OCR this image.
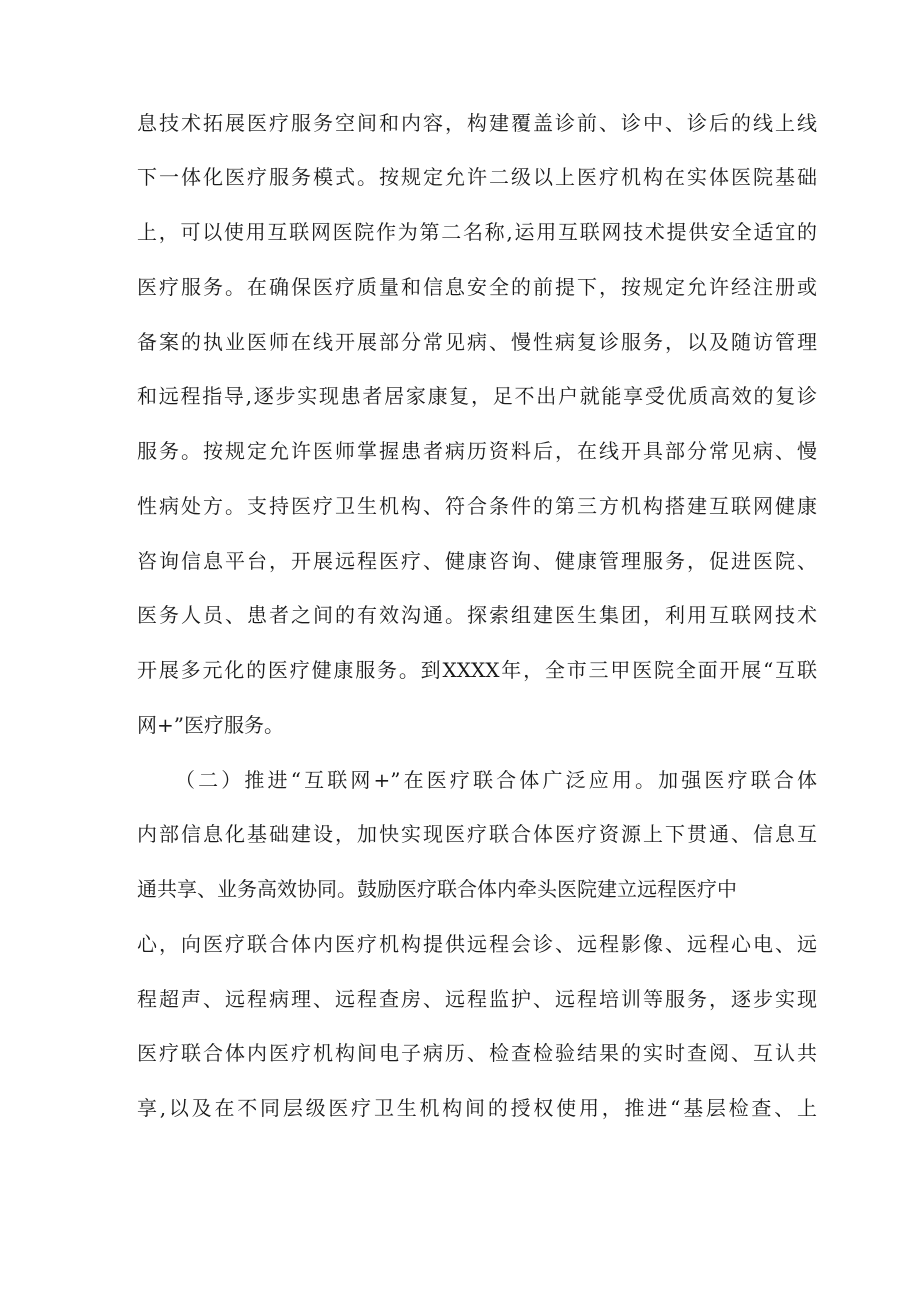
息技术拓展医疗服务空间和内容，构建覆盖诊前、诊中、诊后的线上线
下一体化医疗服务模式。按规定允许二级以上医疗机构在实体医院基础
上，可以使用互联网医院作为第二名称,运用互联网技术提供安全适宜的
医疗服务。在确保医疗质量和信息安全的前提下，按规定允许经注册或
备案的执业医师在线开展部分常见病、慢性病复诊服务，以及随访管理
和远程指导,逐步实现患者居家康复，足不出户就能享受优质高效的复诊
服务。按规定允许医师掌握患者病历资料后，在线开具部分常见病、慢
性病处方。支持医疗卫生机构、符合条件的第三方机构搭建互联网健康
咨询信息平台，开展远程医疗、健康咨询、健康管理服务，促进医院、
医务人员、患者之间的有效沟通。探索组建医生集团，利用互联网技术
开展多元化的医疗健康服务。到XXXX年，全市三甲医院全面开展“互联
网+”医疗服务。
（二）推进“互联网+”在医疗联合体广泛应用。加强医疗联合体
内部信息化基础建设，加快实现医疗联合体医疗资源上下贯通、信息互
通共享、业务高效协同。鼓励医疗联合体内牵头医院建立远程医疗中
心，向医疗联合体内医疗机构提供远程会诊、远程影像、远程心电、远
程超声、远程病理、远程查房、远程监护、远程培训等服务，逐步实现
医疗联合体内医疗机构间电子病历、检查检验结果的实时查阅、互认共
享,以及在不同层级医疗卫生机构间的授权使用，推进“基层检查、上
